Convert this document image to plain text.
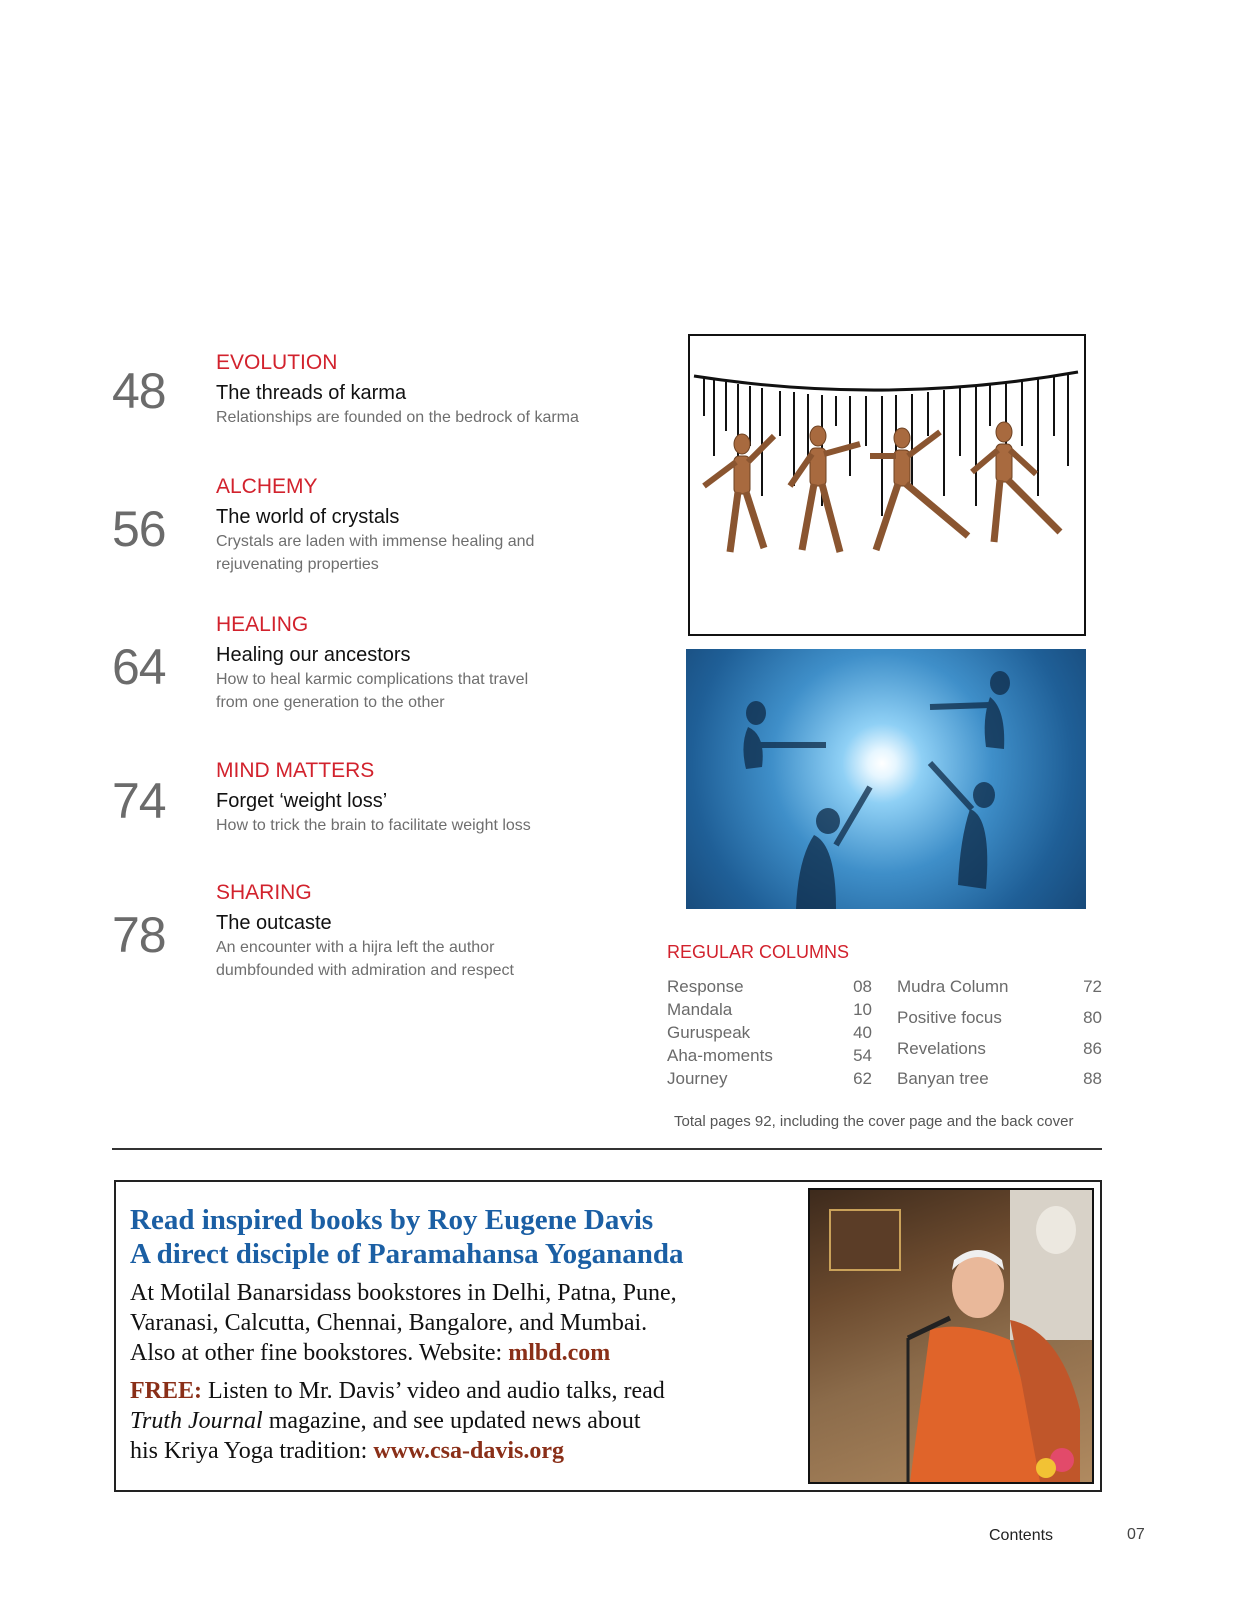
48
EVOLUTION
The threads of karma
Relationships are founded on the bedrock of karma
56
ALCHEMY
The world of crystals
Crystals are laden with immense healing and
rejuvenating properties
64
HEALING
Healing our ancestors
How to heal karmic complications that travel
from one generation to the other
74
MIND MATTERS
Forget ‘weight loss’
How to trick the brain to facilitate weight loss
78
SHARING
The outcaste
An encounter with a hijra left the author
dumbfounded with admiration and respect
REGULAR COLUMNS
Response	08
Mandala	10
Guruspeak	40
Aha-moments	54
Journey	62
Mudra Column	72
Positive focus	80
Revelations	86
Banyan tree	88
Total pages 92, including the cover page and the back cover
Read inspired books by Roy Eugene Davis
A direct disciple of Paramahansa Yogananda
At Motilal Banarsidass bookstores in Delhi, Patna, Pune,
Varanasi, Calcutta, Chennai, Bangalore, and Mumbai.
Also at other fine bookstores. Website: mlbd.com
FREE: Listen to Mr. Davis’ video and audio talks, read
Truth Journal magazine, and see updated news about
his Kriya Yoga tradition: www.csa-davis.org
Contents	07
